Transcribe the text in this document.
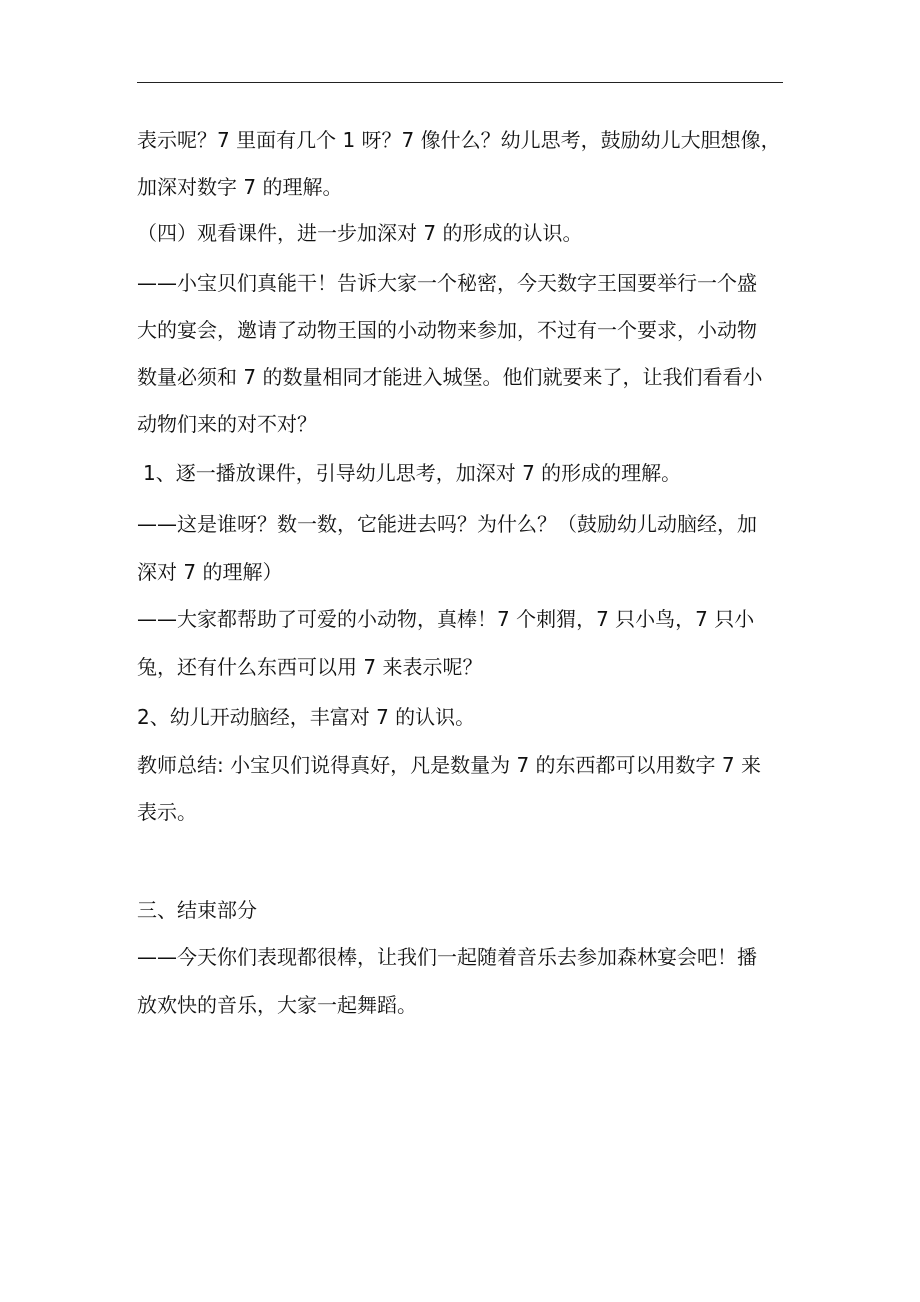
表示呢？7 里面有几个 1 呀？7 像什么？幼儿思考，鼓励幼儿大胆想像，
加深对数字 7 的理解。
（四）观看课件，进一步加深对 7 的形成的认识。
——小宝贝们真能干！告诉大家一个秘密，今天数字王国要举行一个盛
大的宴会，邀请了动物王国的小动物来参加，不过有一个要求，小动物
数量必须和 7 的数量相同才能进入城堡。他们就要来了，让我们看看小
动物们来的对不对？
1、逐一播放课件，引导幼儿思考，加深对 7 的形成的理解。
——这是谁呀？数一数，它能进去吗？为什么？（鼓励幼儿动脑经，加
深对 7 的理解）
——大家都帮助了可爱的小动物，真棒！7 个刺猬，7 只小鸟，7 只小
兔，还有什么东西可以用 7 来表示呢？
2、幼儿开动脑经，丰富对 7 的认识。
教师总结: 小宝贝们说得真好，凡是数量为 7 的东西都可以用数字 7 来
表示。
三、结束部分
——今天你们表现都很棒，让我们一起随着音乐去参加森林宴会吧！播
放欢快的音乐，大家一起舞蹈。
